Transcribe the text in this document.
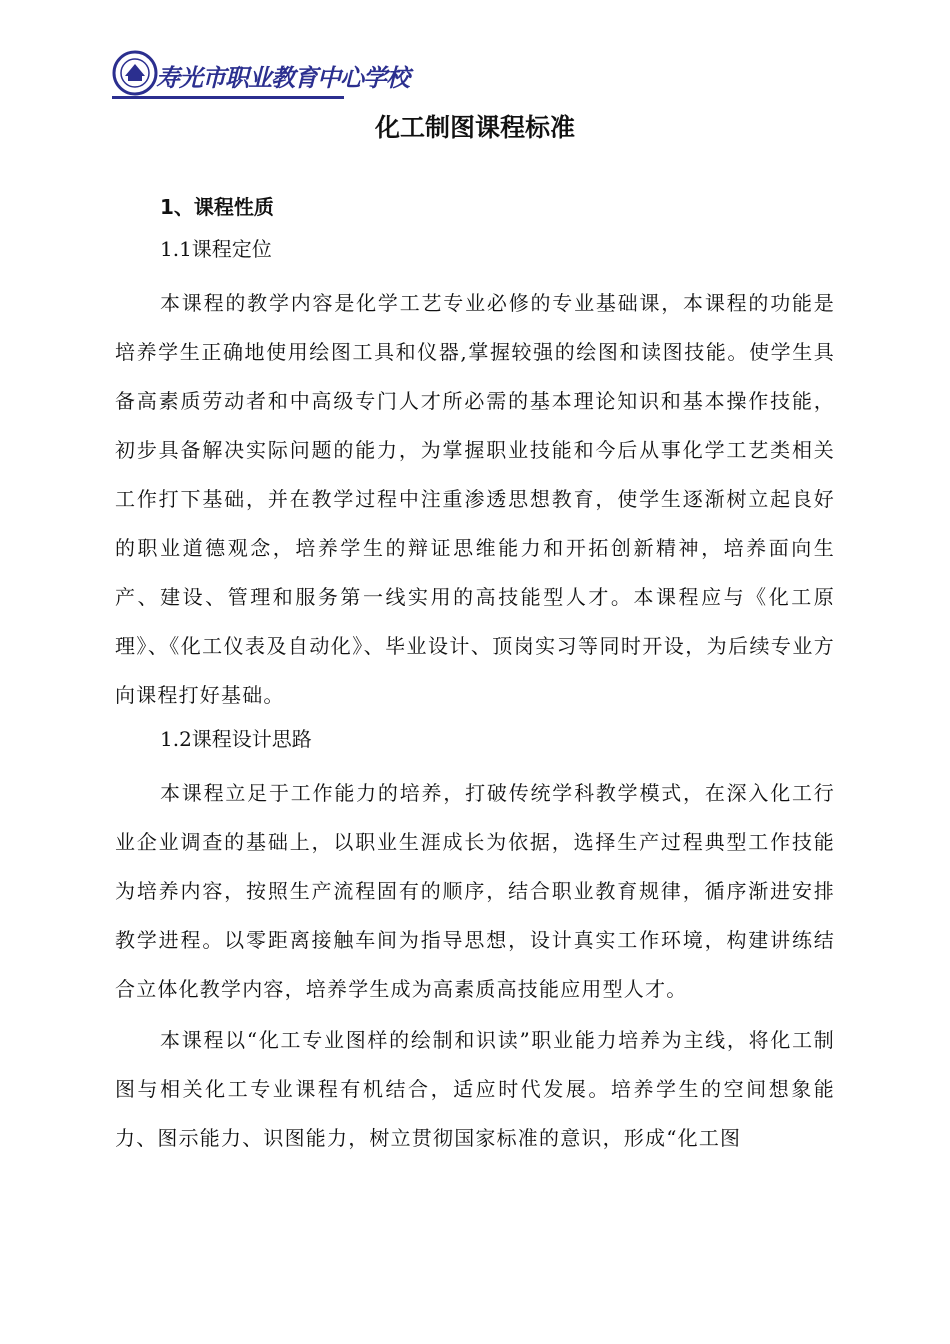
寿光市职业教育中心学校
化工制图课程标准
1、课程性质
1.1课程定位

本课程的教学内容是化学工艺专业必修的专业基础课，本课程的功能是培养学生正确地使用绘图工具和仪器,掌握较强的绘图和读图技能。使学生具备高素质劳动者和中高级专门人才所必需的基本理论知识和基本操作技能，初步具备解决实际问题的能力，为掌握职业技能和今后从事化学工艺类相关工作打下基础，并在教学过程中注重渗透思想教育，使学生逐渐树立起良好的职业道德观念，培养学生的辩证思维能力和开拓创新精神，培养面向生产、建设、管理和服务第一线实用的高技能型人才。本课程应与《化工原理》、《化工仪表及自动化》、毕业设计、顶岗实习等同时开设，为后续专业方向课程打好基础。

1.2课程设计思路

本课程立足于工作能力的培养，打破传统学科教学模式，在深入化工行业企业调查的基础上，以职业生涯成长为依据，选择生产过程典型工作技能为培养内容，按照生产流程固有的顺序，结合职业教育规律，循序渐进安排教学进程。以零距离接触车间为指导思想，设计真实工作环境，构建讲练结合立体化教学内容，培养学生成为高素质高技能应用型人才。

本课程以“化工专业图样的绘制和识读”职业能力培养为主线，将化工制图与相关化工专业课程有机结合，适应时代发展。培养学生的空间想象能力、图示能力、识图能力，树立贯彻国家标准的意识，形成“化工图
